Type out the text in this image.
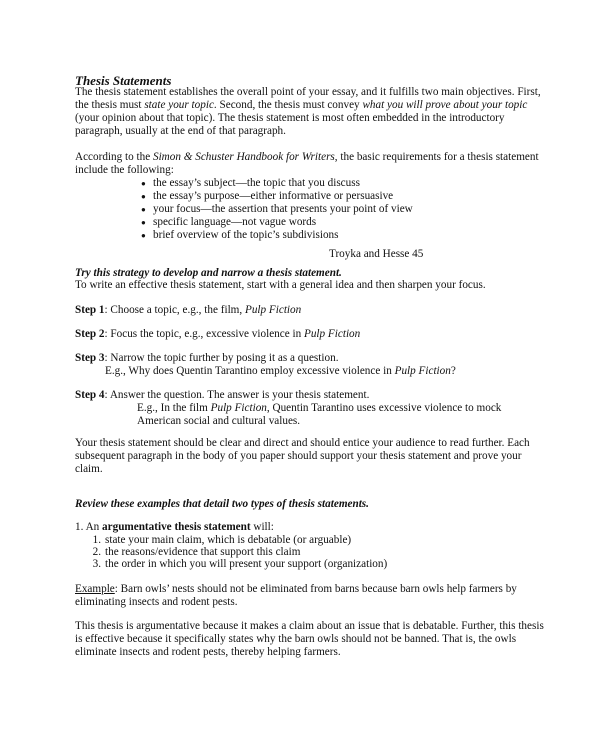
Thesis Statements
The thesis statement establishes the overall point of your essay, and it fulfills two main objectives. First,
the thesis must state your topic. Second, the thesis must convey what you will prove about your topic
(your opinion about that topic). The thesis statement is most often embedded in the introductory
paragraph, usually at the end of that paragraph.
According to the Simon & Schuster Handbook for Writers, the basic requirements for a thesis statement
include the following:
● the essay’s subject—the topic that you discuss
● the essay’s purpose—either informative or persuasive
● your focus—the assertion that presents your point of view
● specific language—not vague words
● brief overview of the topic’s subdivisions
Troyka and Hesse 45
Try this strategy to develop and narrow a thesis statement.
To write an effective thesis statement, start with a general idea and then sharpen your focus.
Step 1: Choose a topic, e.g., the film, Pulp Fiction
Step 2: Focus the topic, e.g., excessive violence in Pulp Fiction
Step 3: Narrow the topic further by posing it as a question.
E.g., Why does Quentin Tarantino employ excessive violence in Pulp Fiction?
Step 4: Answer the question. The answer is your thesis statement.
E.g., In the film Pulp Fiction, Quentin Tarantino uses excessive violence to mock
American social and cultural values.
Your thesis statement should be clear and direct and should entice your audience to read further. Each
subsequent paragraph in the body of you paper should support your thesis statement and prove your
claim.
Review these examples that detail two types of thesis statements.
1. An argumentative thesis statement will:
1. state your main claim, which is debatable (or arguable)
2. the reasons/evidence that support this claim
3. the order in which you will present your support (organization)
Example: Barn owls’ nests should not be eliminated from barns because barn owls help farmers by
eliminating insects and rodent pests.
This thesis is argumentative because it makes a claim about an issue that is debatable. Further, this thesis
is effective because it specifically states why the barn owls should not be banned. That is, the owls
eliminate insects and rodent pests, thereby helping farmers.
